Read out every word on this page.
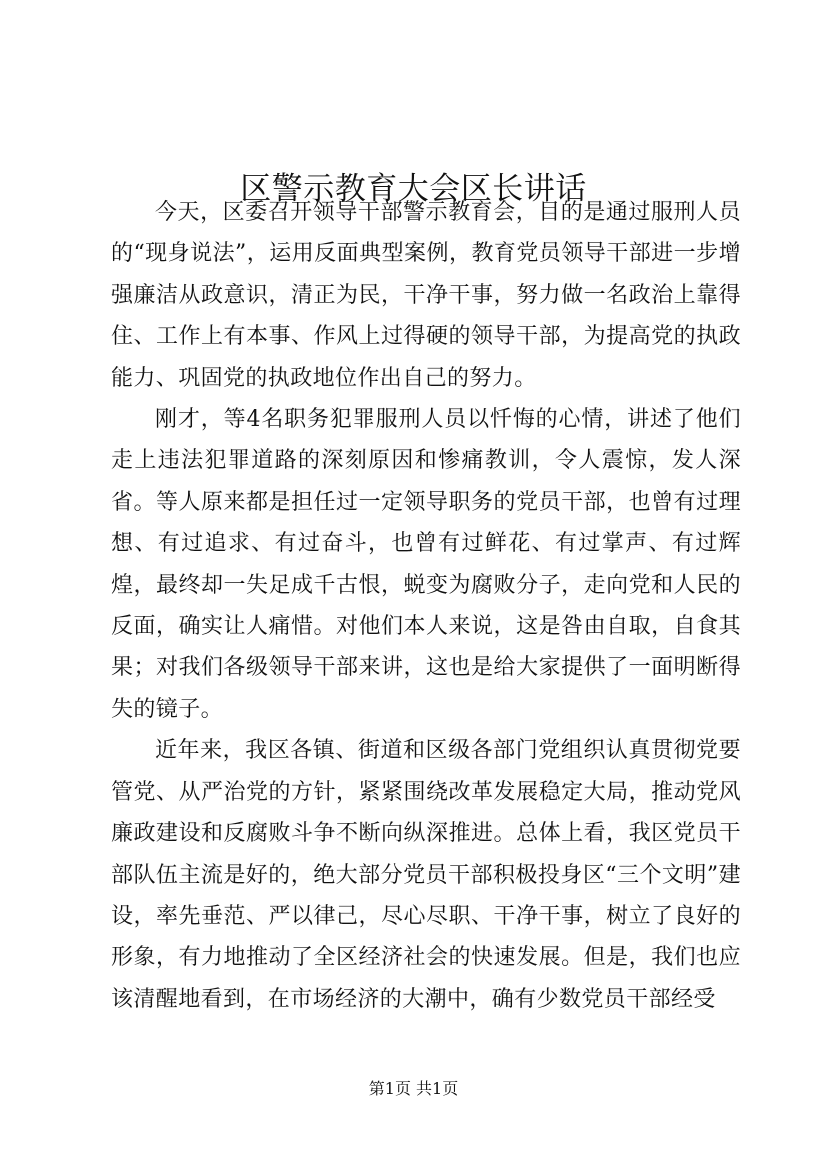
区警示教育大会区长讲话

今天，区委召开领导干部警示教育会，目的是通过服刑人员的“现身说法”，运用反面典型案例，教育党员领导干部进一步增强廉洁从政意识，清正为民，干净干事，努力做一名政治上靠得住、工作上有本事、作风上过得硬的领导干部，为提高党的执政能力、巩固党的执政地位作出自己的努力。

刚才，等4名职务犯罪服刑人员以忏悔的心情，讲述了他们走上违法犯罪道路的深刻原因和惨痛教训，令人震惊，发人深省。等人原来都是担任过一定领导职务的党员干部，也曾有过理想、有过追求、有过奋斗，也曾有过鲜花、有过掌声、有过辉煌，最终却一失足成千古恨，蜕变为腐败分子，走向党和人民的反面，确实让人痛惜。对他们本人来说，这是咎由自取，自食其果；对我们各级领导干部来讲，这也是给大家提供了一面明断得失的镜子。

近年来，我区各镇、街道和区级各部门党组织认真贯彻党要管党、从严治党的方针，紧紧围绕改革发展稳定大局，推动党风廉政建设和反腐败斗争不断向纵深推进。总体上看，我区党员干部队伍主流是好的，绝大部分党员干部积极投身区“三个文明”建设，率先垂范、严以律己，尽心尽职、干净干事，树立了良好的形象，有力地推动了全区经济社会的快速发展。但是，我们也应该清醒地看到，在市场经济的大潮中，确有少数党员干部经受

第1页 共1页
